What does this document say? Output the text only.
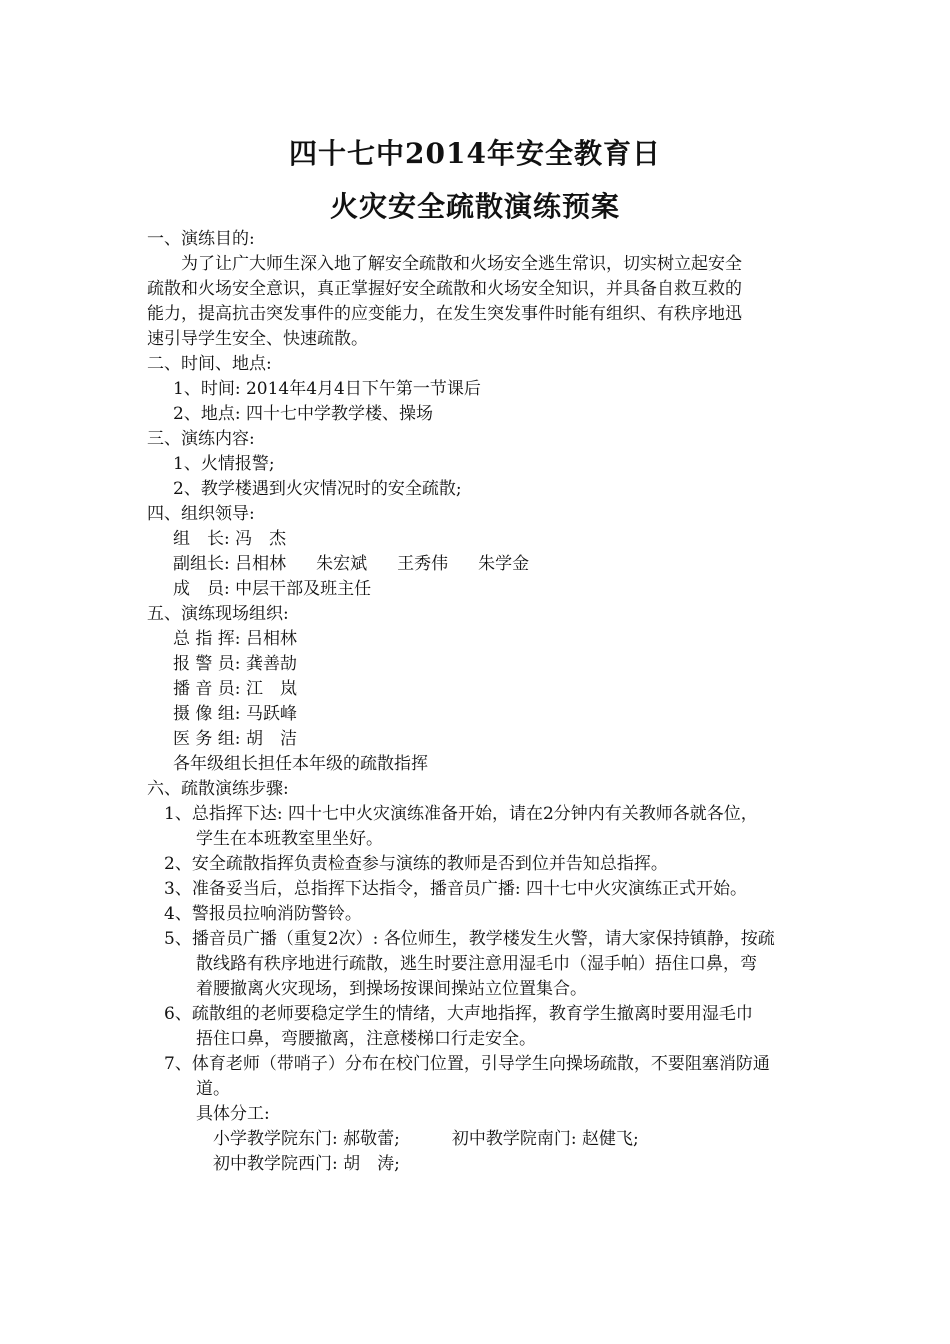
四十七中2014年安全教育日
火灾安全疏散演练预案
一、演练目的:
为了让广大师生深入地了解安全疏散和火场安全逃生常识，切实树立起安全
疏散和火场安全意识，真正掌握好安全疏散和火场安全知识，并具备自救互救的
能力，提高抗击突发事件的应变能力，在发生突发事件时能有组织、有秩序地迅
速引导学生安全、快速疏散。
二、时间、地点:
1、时间: 2014年4月4日下午第一节课后
2、地点: 四十七中学教学楼、操场
三、演练内容:
1、火情报警;
2、教学楼遇到火灾情况时的安全疏散;
四、组织领导:
组　长: 冯　杰
副组长: 吕相林 朱宏斌 王秀伟 朱学金
成　员: 中层干部及班主任
五、演练现场组织:
总 指 挥: 吕相林
报 警 员: 龚善劼
播 音 员: 江　岚
摄 像 组: 马跃峰
医 务 组: 胡　洁
各年级组长担任本年级的疏散指挥
六、疏散演练步骤:
1、总指挥下达: 四十七中火灾演练准备开始，请在2分钟内有关教师各就各位，
学生在本班教室里坐好。
2、安全疏散指挥负责检查参与演练的教师是否到位并告知总指挥。
3、准备妥当后，总指挥下达指令，播音员广播: 四十七中火灾演练正式开始。
4、警报员拉响消防警铃。
5、播音员广播（重复2次）: 各位师生，教学楼发生火警，请大家保持镇静，按疏
散线路有秩序地进行疏散，逃生时要注意用湿毛巾（湿手帕）捂住口鼻，弯
着腰撤离火灾现场，到操场按课间操站立位置集合。
6、疏散组的老师要稳定学生的情绪，大声地指挥，教育学生撤离时要用湿毛巾
捂住口鼻，弯腰撤离，注意楼梯口行走安全。
7、体育老师（带哨子）分布在校门位置，引导学生向操场疏散，不要阻塞消防通
道。
具体分工:
小学教学院东门: 郝敬蕾;	初中教学院南门: 赵健飞;
初中教学院西门: 胡　涛;
